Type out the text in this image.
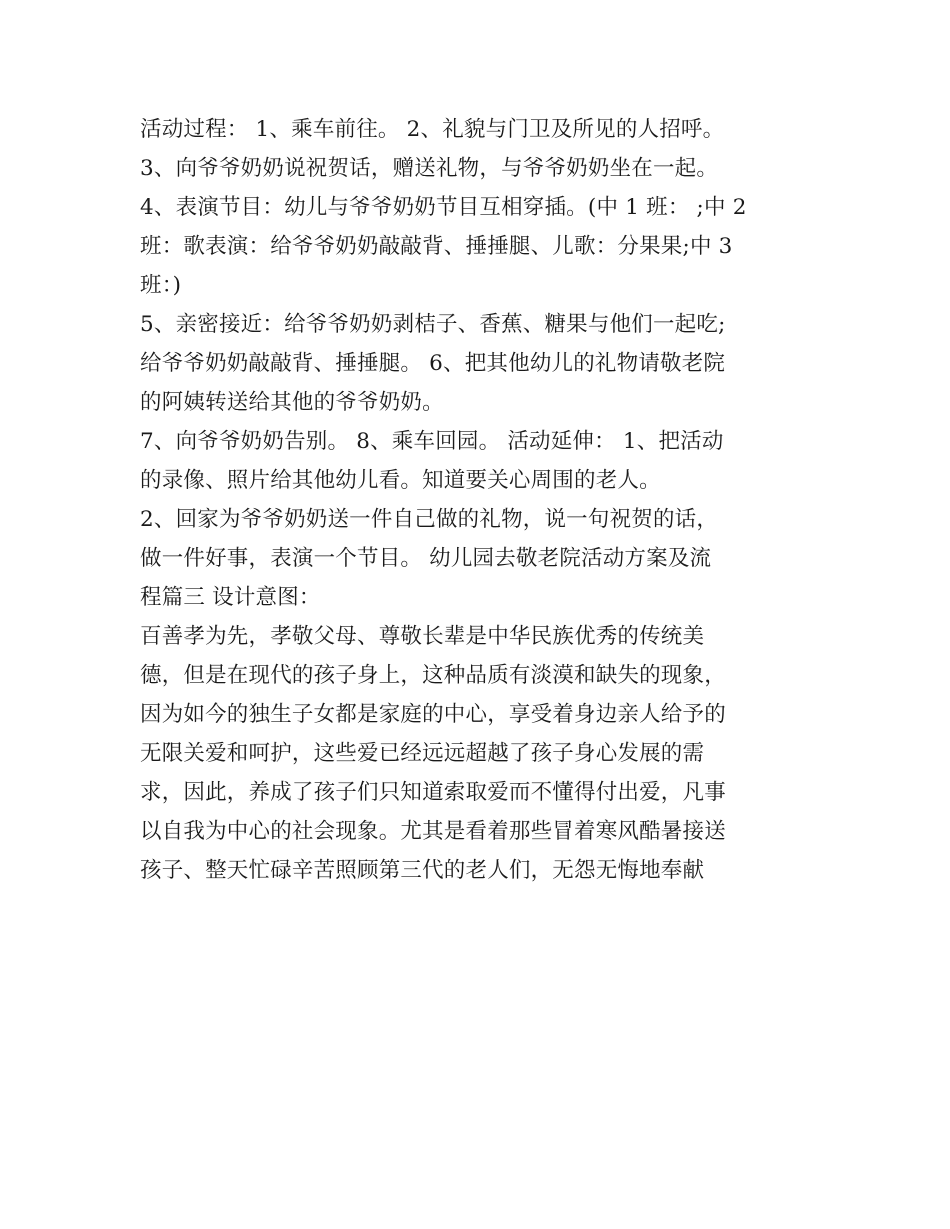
活动过程： 1、乘车前往。 2、礼貌与门卫及所见的人招呼。
3、向爷爷奶奶说祝贺话，赠送礼物，与爷爷奶奶坐在一起。
4、表演节目：幼儿与爷爷奶奶节目互相穿插。(中 1 班： ;中 2
班：歌表演：给爷爷奶奶敲敲背、捶捶腿、儿歌：分果果;中 3
班：)
5、亲密接近：给爷爷奶奶剥桔子、香蕉、糖果与他们一起吃;
给爷爷奶奶敲敲背、捶捶腿。 6、把其他幼儿的礼物请敬老院
的阿姨转送给其他的爷爷奶奶。
7、向爷爷奶奶告别。 8、乘车回园。 活动延伸： 1、把活动
的录像、照片给其他幼儿看。知道要关心周围的老人。
2、回家为爷爷奶奶送一件自己做的礼物，说一句祝贺的话，
做一件好事，表演一个节目。 幼儿园去敬老院活动方案及流
程篇三 设计意图：
百善孝为先，孝敬父母、尊敬长辈是中华民族优秀的传统美
德，但是在现代的孩子身上，这种品质有淡漠和缺失的现象，
因为如今的独生子女都是家庭的中心，享受着身边亲人给予的
无限关爱和呵护，这些爱已经远远超越了孩子身心发展的需
求，因此，养成了孩子们只知道索取爱而不懂得付出爱，凡事
以自我为中心的社会现象。尤其是看着那些冒着寒风酷暑接送
孩子、整天忙碌辛苦照顾第三代的老人们，无怨无悔地奉献
